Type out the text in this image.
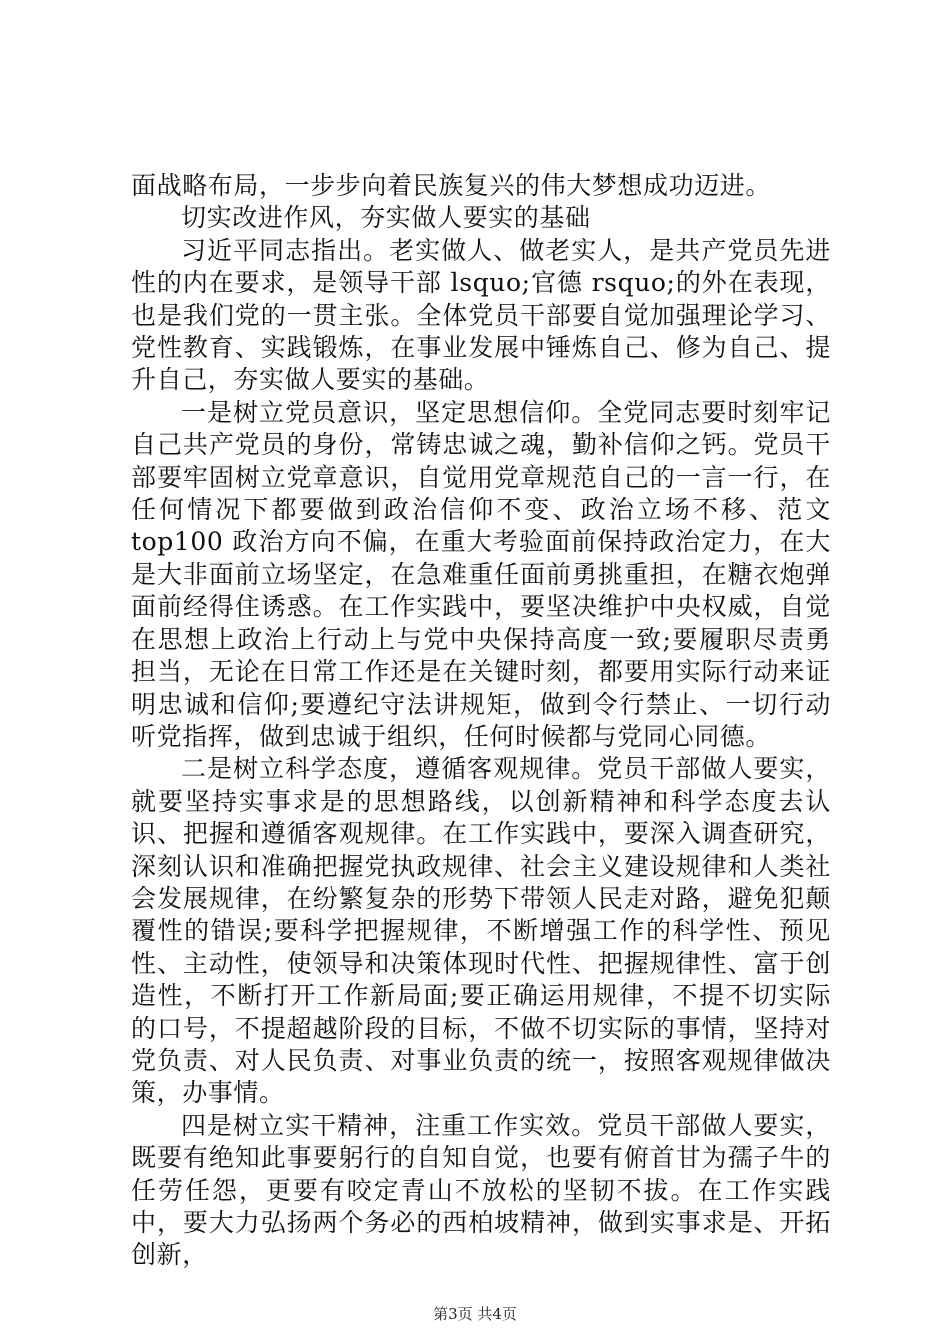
面战略布局，一步步向着民族复兴的伟大梦想成功迈进。

切实改进作风，夯实做人要实的基础

习近平同志指出。老实做人、做老实人，是共产党员先进性的内在要求，是领导干部 lsquo;官德 rsquo;的外在表现，也是我们党的一贯主张。全体党员干部要自觉加强理论学习、党性教育、实践锻炼，在事业发展中锤炼自己、修为自己、提升自己，夯实做人要实的基础。

一是树立党员意识，坚定思想信仰。全党同志要时刻牢记自己共产党员的身份，常铸忠诚之魂，勤补信仰之钙。党员干部要牢固树立党章意识，自觉用党章规范自己的一言一行，在任何情况下都要做到政治信仰不变、政治立场不移、范文top100 政治方向不偏，在重大考验面前保持政治定力，在大是大非面前立场坚定，在急难重任面前勇挑重担，在糖衣炮弹面前经得住诱惑。在工作实践中，要坚决维护中央权威，自觉在思想上政治上行动上与党中央保持高度一致;要履职尽责勇担当，无论在日常工作还是在关键时刻，都要用实际行动来证明忠诚和信仰;要遵纪守法讲规矩，做到令行禁止、一切行动听党指挥，做到忠诚于组织，任何时候都与党同心同德。

二是树立科学态度，遵循客观规律。党员干部做人要实，就要坚持实事求是的思想路线，以创新精神和科学态度去认识、把握和遵循客观规律。在工作实践中，要深入调查研究，深刻认识和准确把握党执政规律、社会主义建设规律和人类社会发展规律，在纷繁复杂的形势下带领人民走对路，避免犯颠覆性的错误;要科学把握规律，不断增强工作的科学性、预见性、主动性，使领导和决策体现时代性、把握规律性、富于创造性，不断打开工作新局面;要正确运用规律，不提不切实际的口号，不提超越阶段的目标，不做不切实际的事情，坚持对党负责、对人民负责、对事业负责的统一，按照客观规律做决策，办事情。

四是树立实干精神，注重工作实效。党员干部做人要实，既要有绝知此事要躬行的自知自觉，也要有俯首甘为孺子牛的任劳任怨，更要有咬定青山不放松的坚韧不拔。在工作实践中，要大力弘扬两个务必的西柏坡精神，做到实事求是、开拓创新，

第3页 共4页
